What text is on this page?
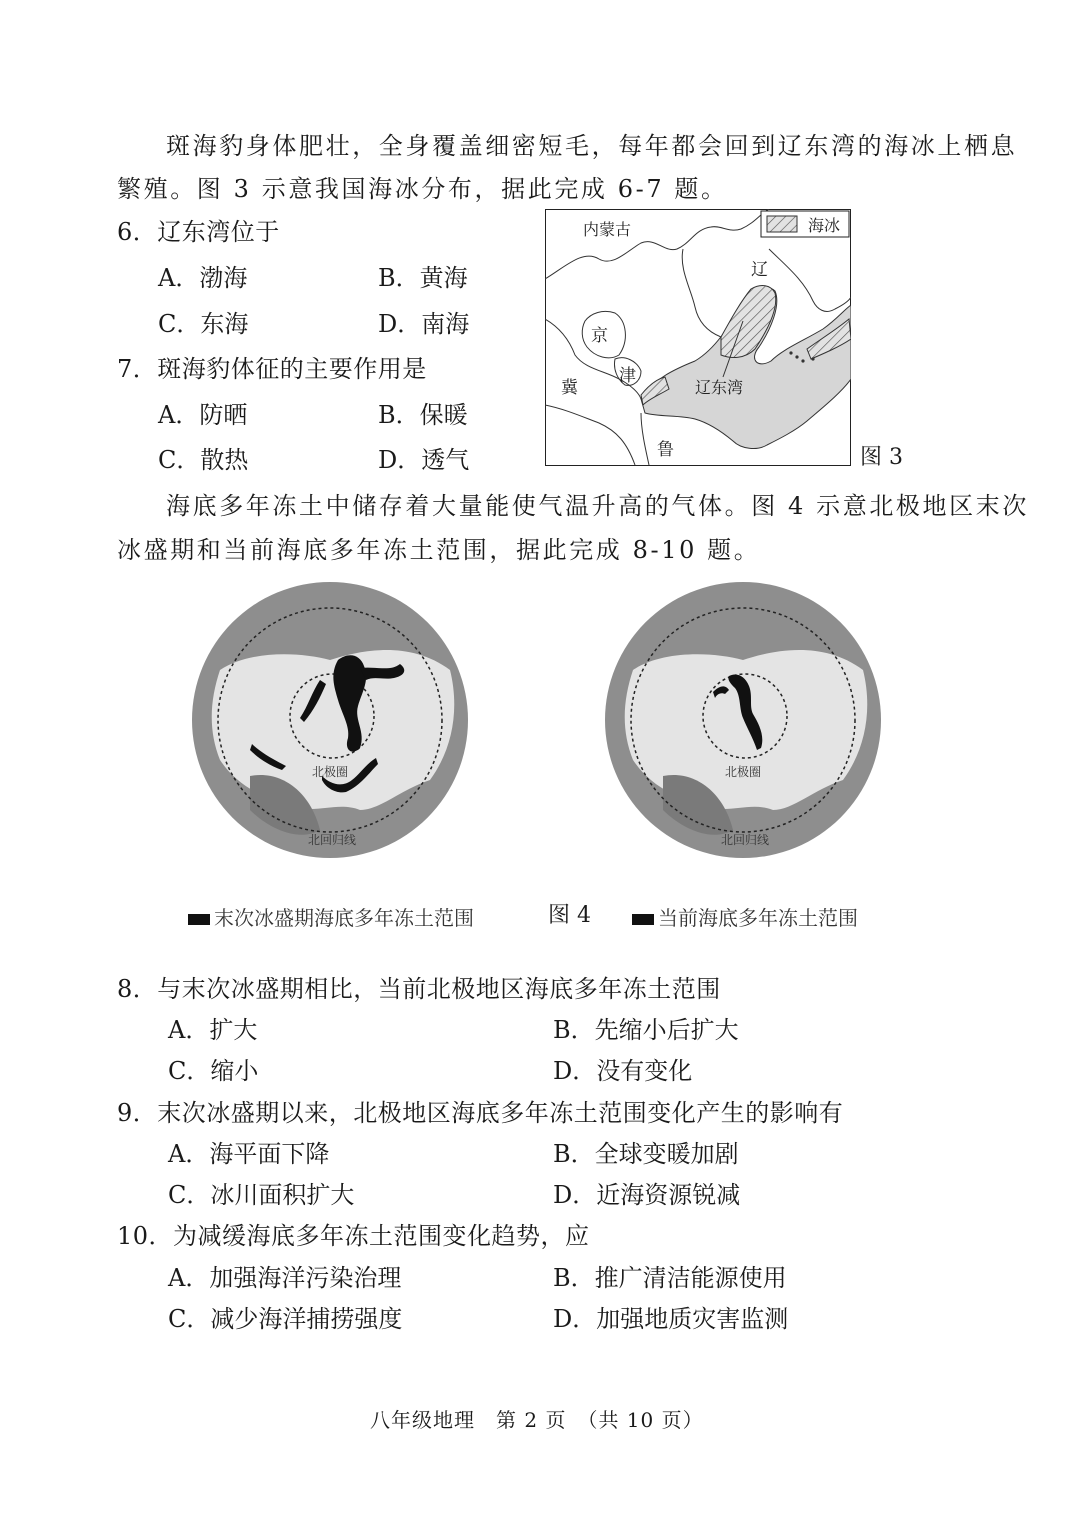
斑海豹身体肥壮，全身覆盖细密短毛，每年都会回到辽东湾的海冰上栖息
繁殖。图 3 示意我国海冰分布，据此完成 6-7 题。
6．辽东湾位于
A．渤海	B．黄海
C．东海	D．南海
7．斑海豹体征的主要作用是
A．防晒	B．保暖
C．散热	D．透气
海冰
内蒙古
辽
京
津
冀
鲁
辽东湾
图 3
海底多年冻土中储存着大量能使气温升高的气体。图 4 示意北极地区末次
冰盛期和当前海底多年冻土范围，据此完成 8-10 题。
北极圈
北回归线
北极圈
北回归线
末次冰盛期海底多年冻土范围	图 4	当前海底多年冻土范围
8．与末次冰盛期相比，当前北极地区海底多年冻土范围
A．扩大	B．先缩小后扩大
C．缩小	D．没有变化
9．末次冰盛期以来，北极地区海底多年冻土范围变化产生的影响有
A．海平面下降	B．全球变暖加剧
C．冰川面积扩大	D．近海资源锐减
10．为减缓海底多年冻土范围变化趋势，应
A．加强海洋污染治理	B．推广清洁能源使用
C．减少海洋捕捞强度	D．加强地质灾害监测
八年级地理　第 2 页　（共 10 页）
